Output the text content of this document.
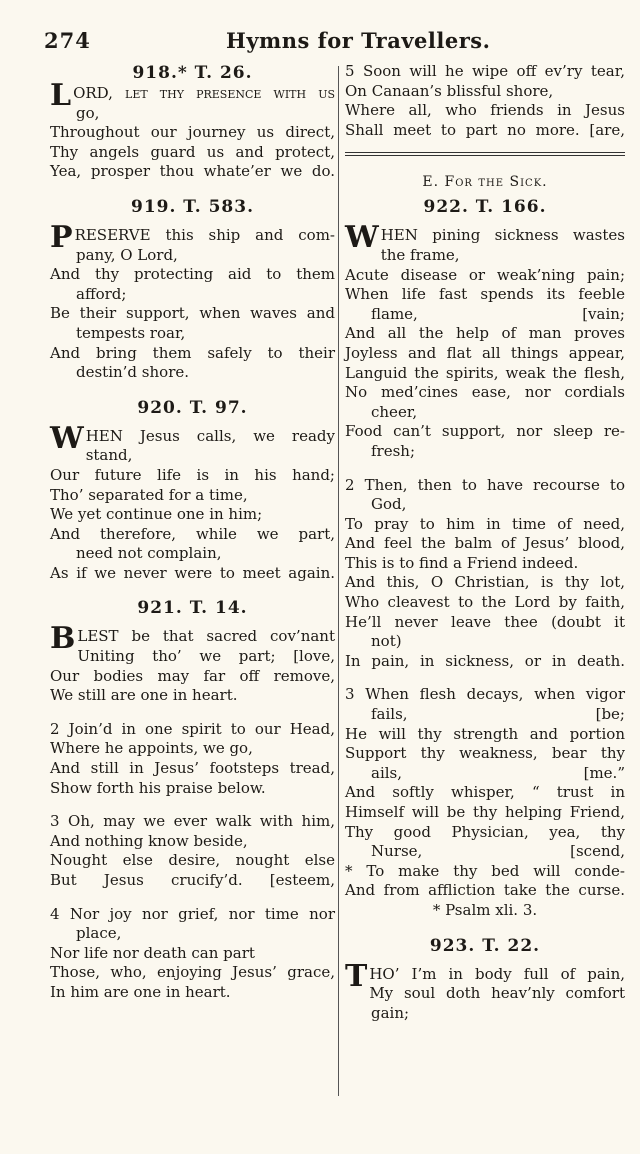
274	Hymns for Travellers.

918.* T. 26.

LORD, let thy presence with us
go,
Throughout our journey us direct,
Thy angels guard us and protect,
Yea, prosper thou whate’er we do.

919. T. 583.

PRESERVE this ship and com-
pany, O Lord,
And thy protecting aid to them
afford;
Be their support, when waves and
tempests roar,
And bring them safely to their
destin’d shore.

920. T. 97.

WHEN Jesus calls, we ready
stand,
Our future life is in his hand;
Tho’ separated for a time,
We yet continue one in him;
And therefore, while we part,
need not complain,
As if we never were to meet again.

921. T. 14.

BLEST be that sacred cov’nant
Uniting tho’ we part; [love,
Our bodies may far off remove,
We still are one in heart.
2 Join’d in one spirit to our Head,
Where he appoints, we go,
And still in Jesus’ footsteps tread,
Show forth his praise below.
3 Oh, may we ever walk with him,
And nothing know beside,
Nought else desire, nought else
But Jesus crucify’d. [esteem,
4 Nor joy nor grief, nor time nor
place,
Nor life nor death can part
Those, who, enjoying Jesus’ grace,
In him are one in heart.
5 Soon will he wipe off ev’ry tear,
On Canaan’s blissful shore,
Where all, who friends in Jesus
Shall meet to part no more. [are,

E. For the Sick.

922. T. 166.

WHEN pining sickness wastes
the frame,
Acute disease or weak’ning pain;
When life fast spends its feeble
flame, [vain;
And all the help of man proves
Joyless and flat all things appear,
Languid the spirits, weak the flesh,
No med’cines ease, nor cordials
cheer,
Food can’t support, nor sleep re-
fresh;
2 Then, then to have recourse to
God,
To pray to him in time of need,
And feel the balm of Jesus’ blood,
This is to find a Friend indeed.
And this, O Christian, is thy lot,
Who cleavest to the Lord by faith,
He’ll never leave thee (doubt it
not)
In pain, in sickness, or in death.
3 When flesh decays, when vigor
fails, [be;
He will thy strength and portion
Support thy weakness, bear thy
ails, [me.”
And softly whisper, “ trust in
Himself will be thy helping Friend,
Thy good Physician, yea, thy
Nurse, [scend,
* To make thy bed will conde-
And from affliction take the curse.
* Psalm xli. 3.

923. T. 22.

THO’ I’m in body full of pain,
My soul doth heav’nly comfort
gain;
